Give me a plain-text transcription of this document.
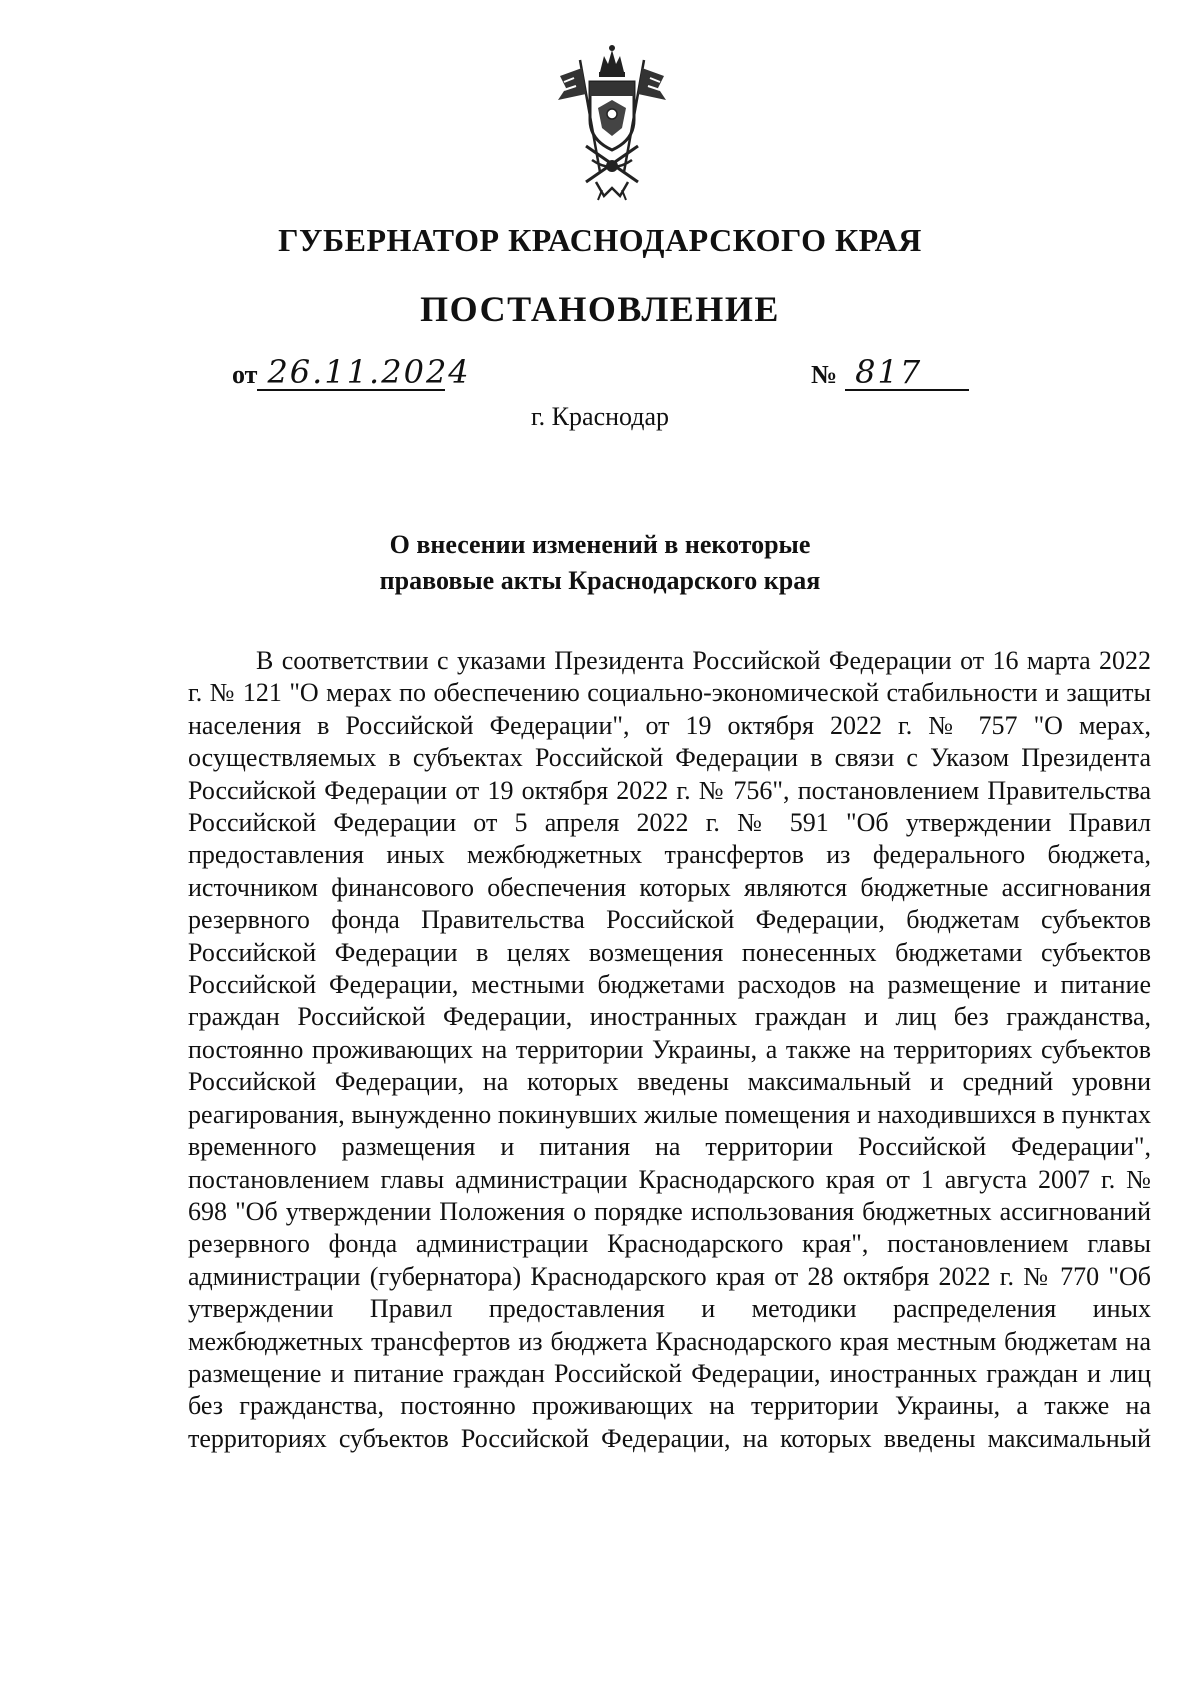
ГУБЕРНАТОР КРАСНОДАРСКОГО КРАЯ
ПОСТАНОВЛЕНИЕ
от 26.11.2024	№ 817
г. Краснодар
О внесении изменений в некоторые
правовые акты Краснодарского края

В соответствии с указами Президента Российской Федерации от 16 марта 2022 г. № 121 "О мерах по обеспечению социально-экономической стабильности и защиты населения в Российской Федерации", от 19 октября 2022 г. № 757 "О мерах, осуществляемых в субъектах Российской Федерации в связи с Указом Президента Российской Федерации от 19 октября 2022 г. № 756", постановлением Правительства Российской Федерации от 5 апреля 2022 г. № 591 "Об утверждении Правил предоставления иных межбюджетных трансфертов из федерального бюджета, источником финансового обеспечения которых являются бюджетные ассигнования резервного фонда Правительства Российской Федерации, бюджетам субъектов Российской Федерации в целях возмещения понесенных бюджетами субъектов Российской Федерации, местными бюджетами расходов на размещение и питание граждан Российской Федерации, иностранных граждан и лиц без гражданства, постоянно проживающих на территории Украины, а также на территориях субъектов Российской Федерации, на которых введены максимальный и средний уровни реагирования, вынужденно покинувших жилые помещения и находившихся в пунктах временного размещения и питания на территории Российской Федерации", постановлением главы администрации Краснодарского края от 1 августа 2007 г. № 698 "Об утверждении Положения о порядке использования бюджетных ассигнований резервного фонда администрации Краснодарского края", постановлением главы администрации (губернатора) Краснодарского края от 28 октября 2022 г. № 770 "Об утверждении Правил предоставления и методики распределения иных межбюджетных трансфертов из бюджета Краснодарского края местным бюджетам на размещение и питание граждан Российской Федерации, иностранных граждан и лиц без гражданства, постоянно проживающих на территории Украины, а также на территориях субъектов Российской Федерации, на которых введены максимальный
